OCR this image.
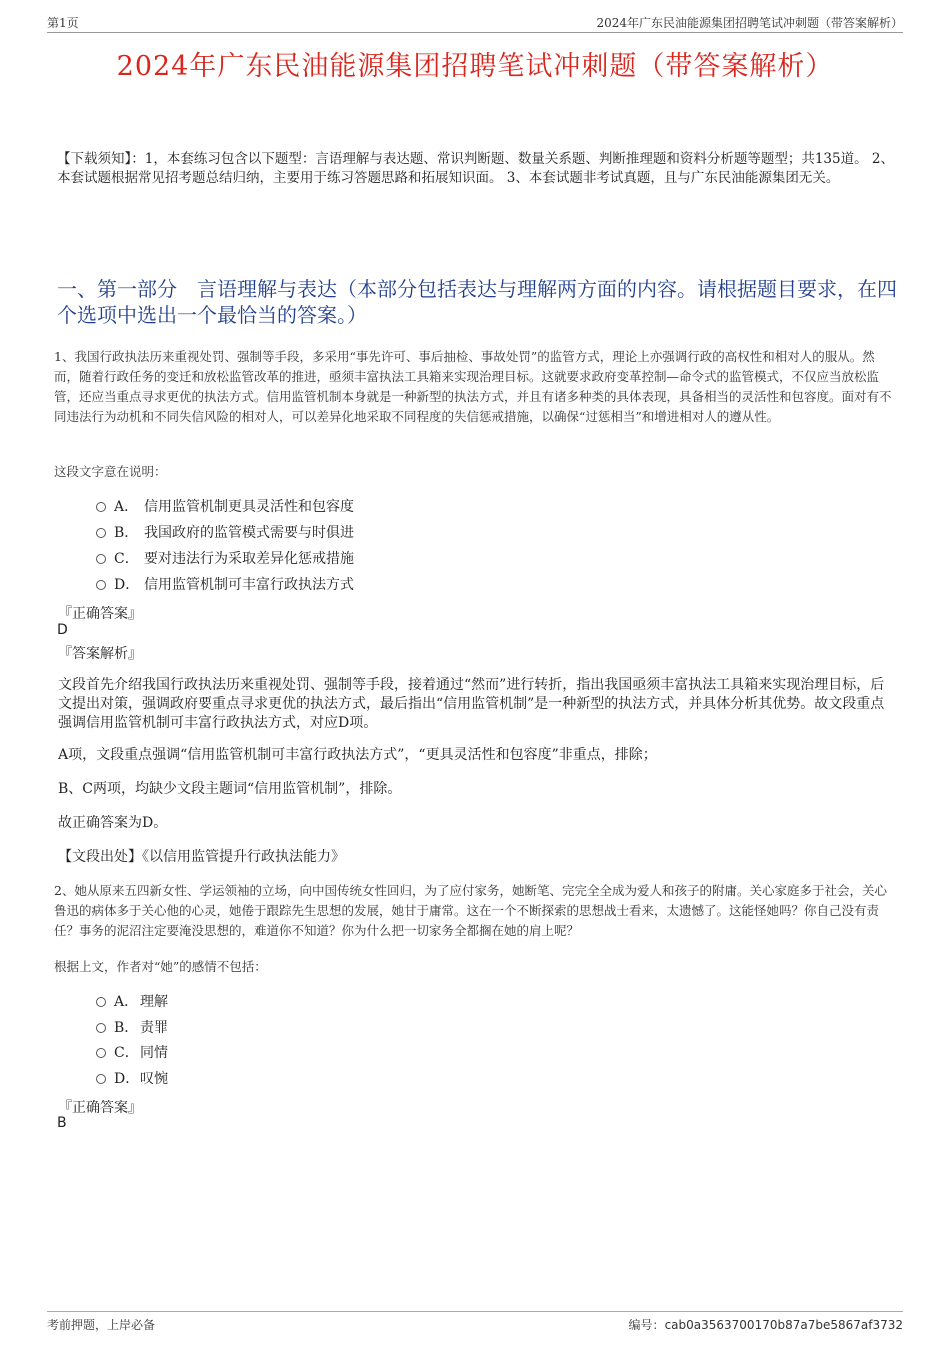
第1页	2024年广东民油能源集团招聘笔试冲刺题（带答案解析）
2024年广东民油能源集团招聘笔试冲刺题（带答案解析）
【下载须知】：1，本套练习包含以下题型：言语理解与表达题、常识判断题、数量关系题、判断推理题和资料分析题等题型；共135道。 2、本套试题根据常见招考题总结归纳，主要用于练习答题思路和拓展知识面。 3、本套试题非考试真题，且与广东民油能源集团无关。
一、第一部分　言语理解与表达（本部分包括表达与理解两方面的内容。请根据题目要求，在四个选项中选出一个最恰当的答案。）
1、我国行政执法历来重视处罚、强制等手段，多采用“事先许可、事后抽检、事故处罚”的监管方式，理论上亦强调行政的高权性和相对人的服从。然而，随着行政任务的变迁和放松监管改革的推进，亟须丰富执法工具箱来实现治理目标。这就要求政府变革控制—命令式的监管模式，不仅应当放松监管，还应当重点寻求更优的执法方式。信用监管机制本身就是一种新型的执法方式，并且有诸多种类的具体表现，具备相当的灵活性和包容度。面对有不同违法行为动机和不同失信风险的相对人，可以差异化地采取不同程度的失信惩戒措施，以确保“过惩相当”和增进相对人的遵从性。
这段文字意在说明：
A． 信用监管机制更具灵活性和包容度
B． 我国政府的监管模式需要与时俱进
C． 要对违法行为采取差异化惩戒措施
D． 信用监管机制可丰富行政执法方式
『正确答案』
D
『答案解析』
文段首先介绍我国行政执法历来重视处罚、强制等手段，接着通过“然而”进行转折，指出我国亟须丰富执法工具箱来实现治理目标，后文提出对策，强调政府要重点寻求更优的执法方式，最后指出“信用监管机制”是一种新型的执法方式，并具体分析其优势。故文段重点强调信用监管机制可丰富行政执法方式，对应D项。
A项，文段重点强调“信用监管机制可丰富行政执法方式”，“更具灵活性和包容度”非重点，排除；
B、C两项，均缺少文段主题词“信用监管机制”，排除。
故正确答案为D。
【文段出处】《以信用监管提升行政执法能力》
2、她从原来五四新女性、学运领袖的立场，向中国传统女性回归，为了应付家务，她断笔、完完全全成为爱人和孩子的附庸。关心家庭多于社会，关心鲁迅的病体多于关心他的心灵，她倦于跟踪先生思想的发展，她甘于庸常。这在一个不断探索的思想战士看来，太遗憾了。这能怪她吗？你自己没有责任？事务的泥沼注定要淹没思想的，难道你不知道？你为什么把一切家务全都搁在她的肩上呢？
根据上文，作者对“她”的感情不包括：
A． 理解
B． 责罪
C．同情
D．叹惋
『正确答案』
B
考前押题，上岸必备	编号：cab0a3563700170b87a7be5867af3732
